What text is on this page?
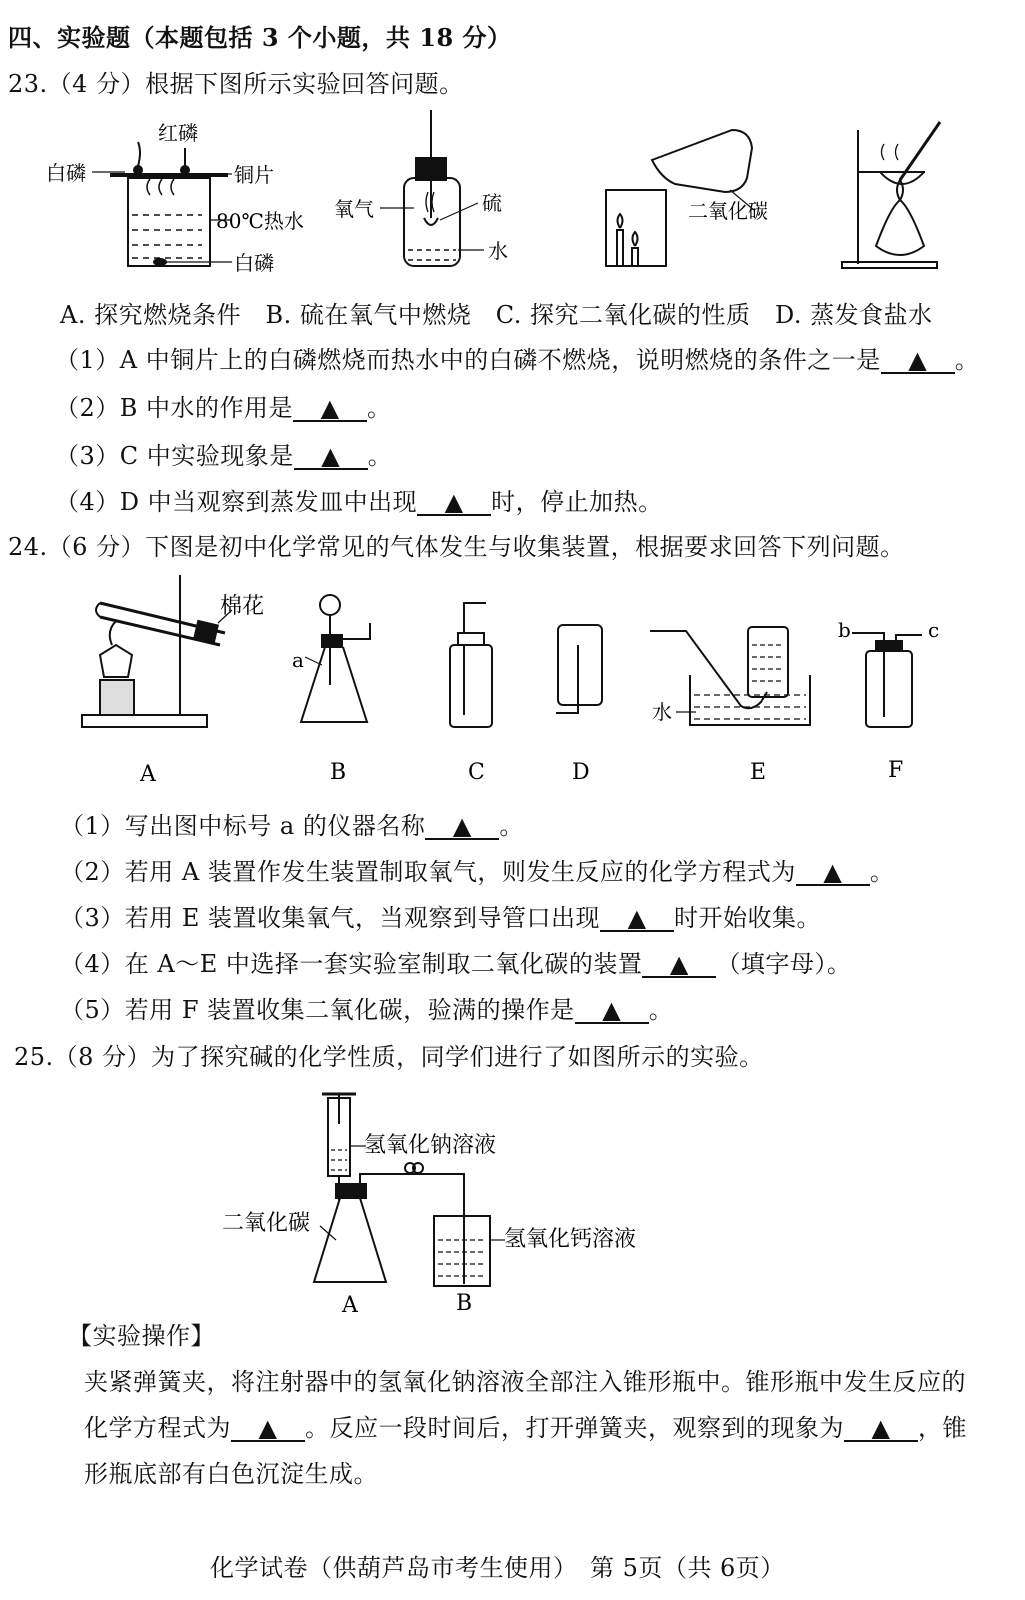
四、实验题（本题包括 3 个小题，共 18 分）
23.（4 分）根据下图所示实验回答问题。
红磷
白磷	铜片
80℃热水
白磷
氧气	硫
水
二氧化碳
A. 探究燃烧条件 B. 硫在氧气中燃烧 C. 探究二氧化碳的性质 D. 蒸发食盐水
（1）A 中铜片上的白磷燃烧而热水中的白磷不燃烧，说明燃烧的条件之一是 ▲ 。
（2）B 中水的作用是 ▲ 。
（3）C 中实验现象是 ▲ 。
（4）D 中当观察到蒸发皿中出现 ▲ 时，停止加热。
24.（6 分）下图是初中化学常见的气体发生与收集装置，根据要求回答下列问题。
棉花
a
水
b	c
A	B	C	D	E	F
（1）写出图中标号 a 的仪器名称 ▲ 。
（2）若用 A 装置作发生装置制取氧气，则发生反应的化学方程式为 ▲ 。
（3）若用 E 装置收集氧气，当观察到导管口出现 ▲ 时开始收集。
（4）在 A～E 中选择一套实验室制取二氧化碳的装置 ▲ （填字母）。
（5）若用 F 装置收集二氧化碳，验满的操作是 ▲ 。
25.（8 分）为了探究碱的化学性质，同学们进行了如图所示的实验。
氢氧化钠溶液
二氧化碳
氢氧化钙溶液
A	B
【实验操作】
夹紧弹簧夹，将注射器中的氢氧化钠溶液全部注入锥形瓶中。锥形瓶中发生反应的
化学方程式为 ▲ 。反应一段时间后，打开弹簧夹，观察到的现象为 ▲ ，锥
形瓶底部有白色沉淀生成。
化学试卷（供葫芦岛市考生使用）　第 5页（共 6页）
